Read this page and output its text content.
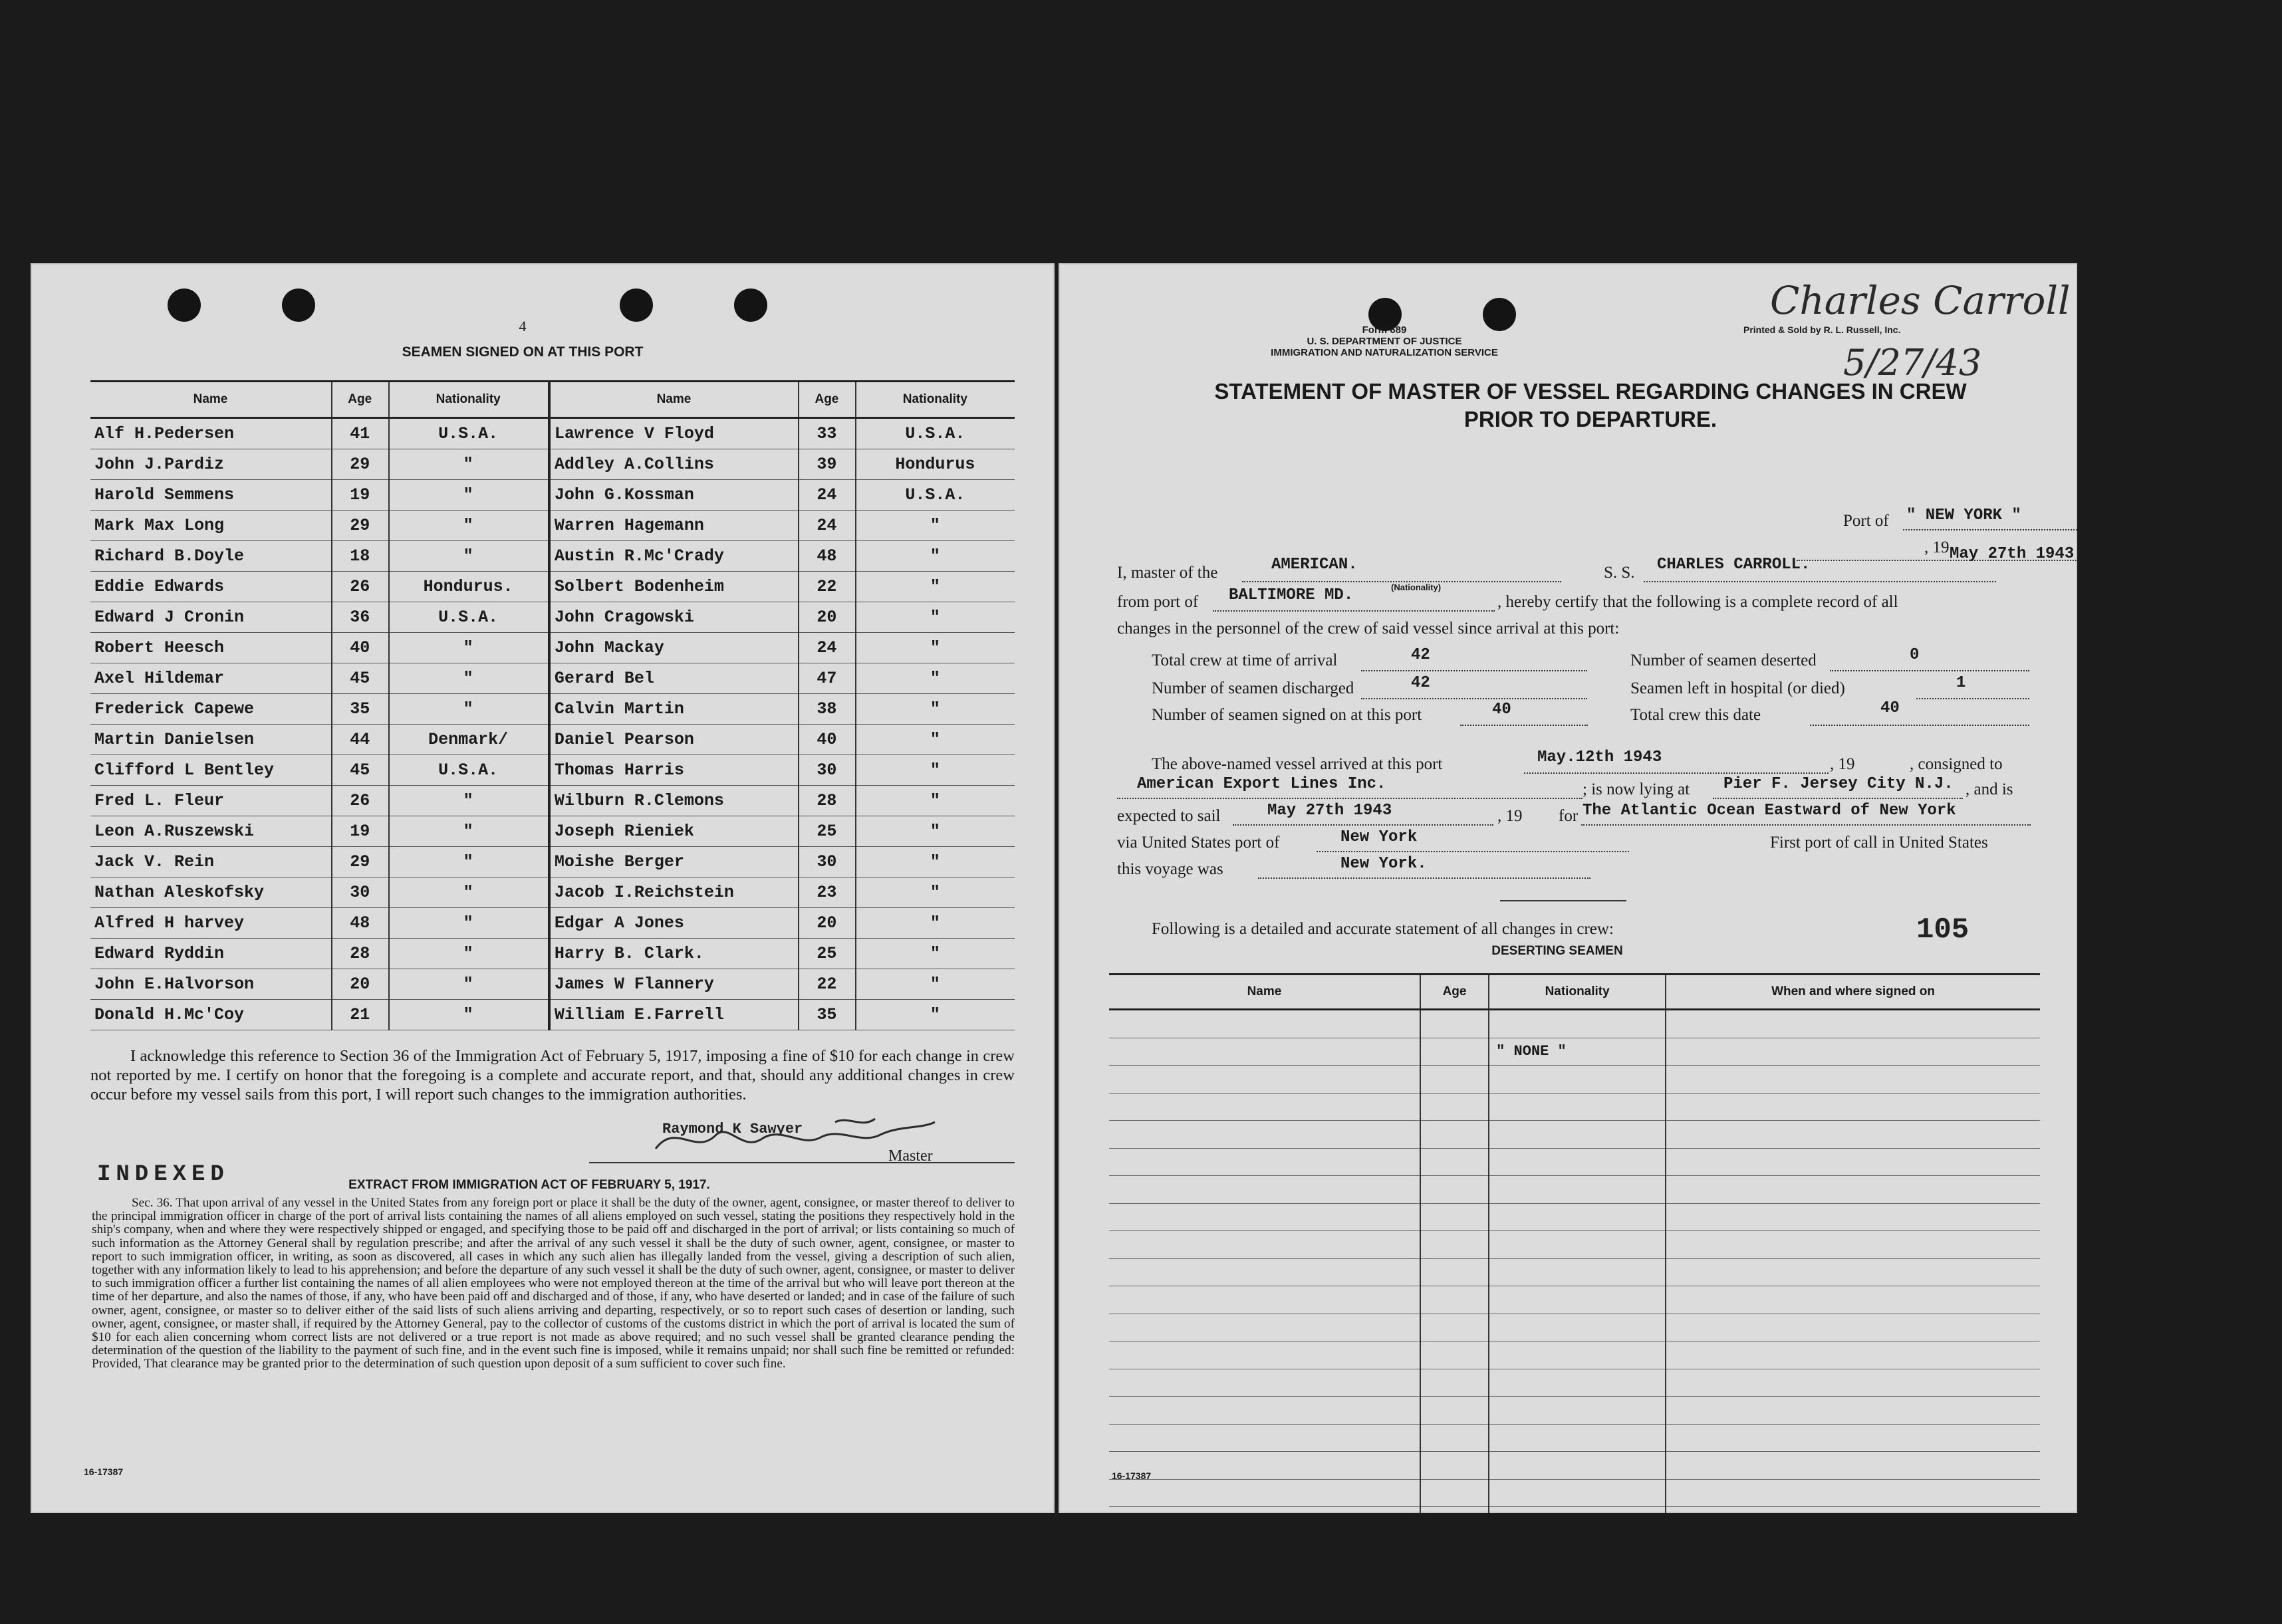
4
SEAMEN SIGNED ON AT THIS PORT
Name	Age	Nationality	Name	Age	Nationality
Alf H.Pedersen	41	U.S.A.	Lawrence V Floyd	33	U.S.A.
John J.Pardiz	29	"	Addley A.Collins	39	Hondurus
Harold Semmens	19	"	John G.Kossman	24	U.S.A.
Mark Max Long	29	"	Warren Hagemann	24	"
Richard B.Doyle	18	"	Austin R.Mc'Crady	48	"
Eddie Edwards	26	Hondurus.	Solbert Bodenheim	22	"
Edward J Cronin	36	U.S.A.	John Cragowski	20	"
Robert Heesch	40	"	John Mackay	24	"
Axel Hildemar	45	"	Gerard Bel	47	"
Frederick Capewe	35	"	Calvin Martin	38	"
Martin Danielsen	44	Denmark/	Daniel Pearson	40	"
Clifford L Bentley	45	U.S.A.	Thomas Harris	30	"
Fred L. Fleur	26	"	Wilburn R.Clemons	28	"
Leon A.Ruszewski	19	"	Joseph Rieniek	25	"
Jack V. Rein	29	"	Moishe Berger	30	"
Nathan Aleskofsky	30	"	Jacob I.Reichstein	23	"
Alfred H harvey	48	"	Edgar A Jones	20	"
Edward Ryddin	28	"	Harry B. Clark.	25	"
John E.Halvorson	20	"	James W Flannery	22	"
Donald H.Mc'Coy	21	"	William E.Farrell	35	"
I acknowledge this reference to Section 36 of the Immigration Act of February 5, 1917, imposing a fine of $10 for each change in crew not reported by me. I certify on honor that the foregoing is a complete and accurate report, and that, should any additional changes in crew occur before my vessel sails from this port, I will report such changes to the immigration authorities.
Raymond K Sawyer
Master
INDEXED	EXTRACT FROM IMMIGRATION ACT OF FEBRUARY 5, 1917.
Sec. 36. That upon arrival of any vessel in the United States from any foreign port or place it shall be the duty of the owner, agent, consignee, or master thereof to deliver to the principal immigration officer in charge of the port of arrival lists containing the names of all aliens employed on such vessel, stating the positions they respectively hold in the ship's company, when and where they were respectively shipped or engaged, and specifying those to be paid off and discharged in the port of arrival; or lists containing so much of such information as the Attorney General shall by regulation prescribe; and after the arrival of any such vessel it shall be the duty of such owner, agent, consignee, or master to report to such immigration officer, in writing, as soon as discovered, all cases in which any such alien has illegally landed from the vessel, giving a description of such alien, together with any information likely to lead to his apprehension; and before the departure of any such vessel it shall be the duty of such owner, agent, consignee, or master to deliver to such immigration officer a further list containing the names of all alien employees who were not employed thereon at the time of the arrival but who will leave port thereon at the time of her departure, and also the names of those, if any, who have been paid off and discharged and of those, if any, who have deserted or landed; and in case of the failure of such owner, agent, consignee, or master so to deliver either of the said lists of such aliens arriving and departing, respectively, or so to report such cases of desertion or landing, such owner, agent, consignee, or master shall, if required by the Attorney General, pay to the collector of customs of the customs district in which the port of arrival is located the sum of $10 for each alien concerning whom correct lists are not delivered or a true report is not made as above required; and no such vessel shall be granted clearance pending the determination of the question of the liability to the payment of such fine, and in the event such fine is imposed, while it remains unpaid; nor shall such fine be remitted or refunded: Provided, That clearance may be granted prior to the determination of such question upon deposit of a sum sufficient to cover such fine.
16-17387
Form 689
U. S. DEPARTMENT OF JUSTICE
IMMIGRATION AND NATURALIZATION SERVICE
Printed & Sold by R. L. Russell, Inc.
Charles Carroll
5/27/43
STATEMENT OF MASTER OF VESSEL REGARDING CHANGES IN CREW
PRIOR TO DEPARTURE.
Port of " NEW YORK "
May 27th 1943
, 19
I, master of the	AMERICAN.	S. S. CHARLES CARROLL.
from port of BALTIMORE MD.	(Nationality)
, hereby certify that the following is a complete record of all
changes in the personnel of the crew of said vessel since arrival at this port:
Total crew at time of arrival	42	Number of seamen deserted	0
Number of seamen discharged	42	Seamen left in hospital (or died)	1
Number of seamen signed on at this port	40	Total crew this date	40
The above-named vessel arrived at this port	May.12th 1943	, 19	, consigned to
American Export Lines Inc.	; is now lying at Pier F. Jersey City N.J. , and is
expected to sail	May 27th 1943	, 19 for The Atlantic Ocean Eastward of New York
via United States port of	New York	First port of call in United States
this voyage was	New York.
Following is a detailed and accurate statement of all changes in crew:	105
DESERTING SEAMEN
Name	Age	Nationality	When and where signed on

		" NONE "	

16-17387
